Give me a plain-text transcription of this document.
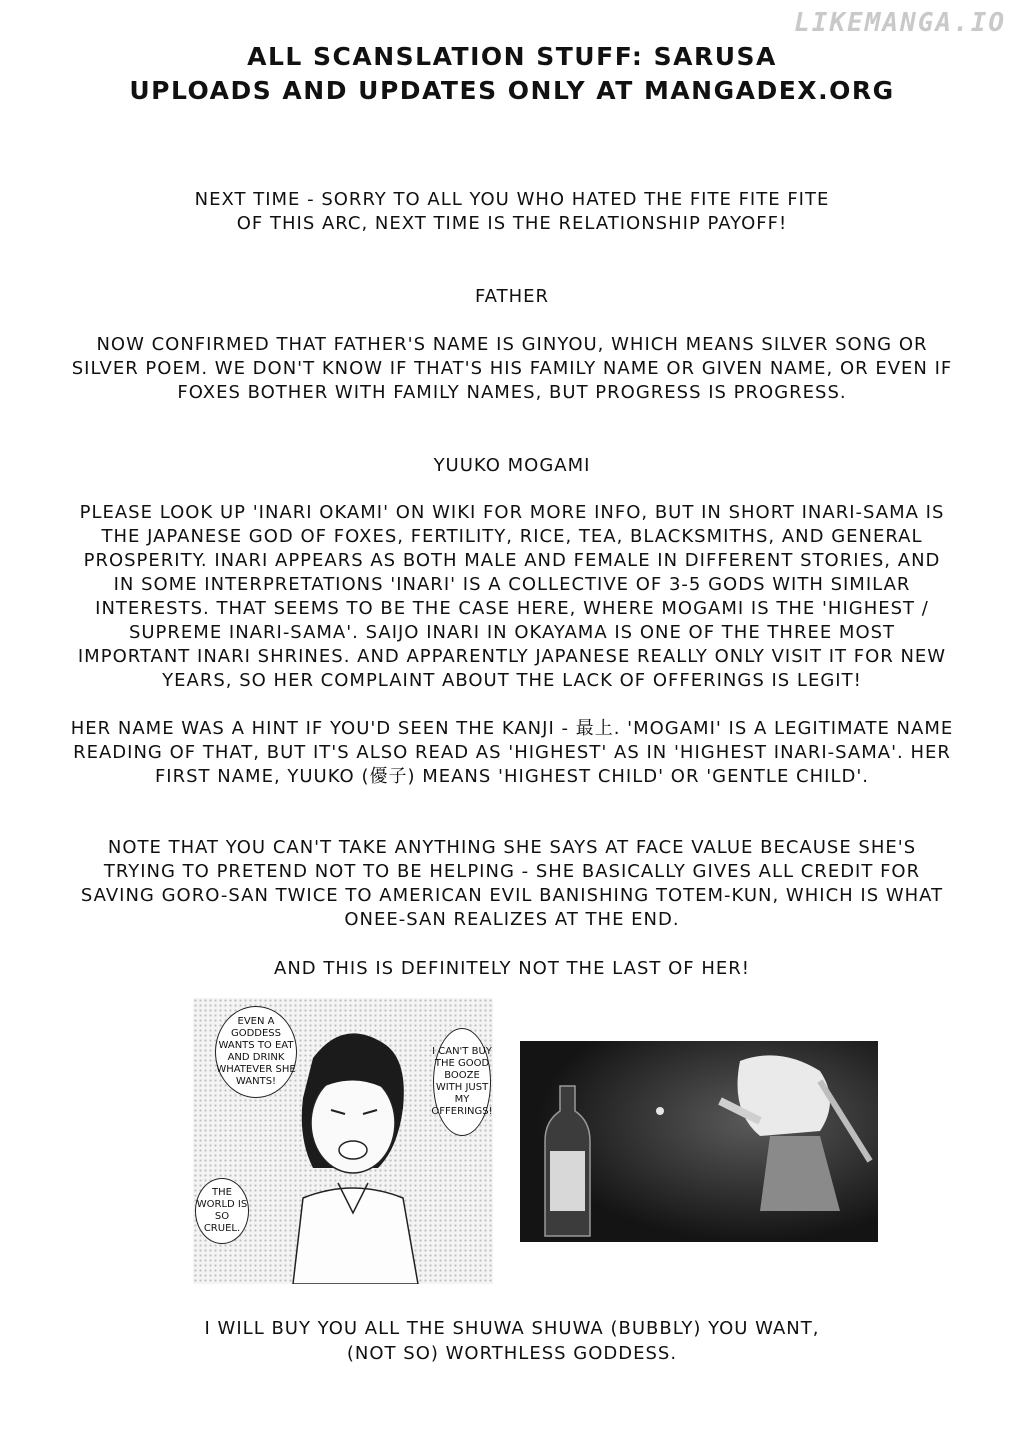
LIKEMANGA.IO
ALL SCANSLATION STUFF: SARUSA
UPLOADS AND UPDATES ONLY AT MANGADEX.ORG
NEXT TIME - SORRY TO ALL YOU WHO HATED THE FITE FITE FITE
OF THIS ARC, NEXT TIME IS THE RELATIONSHIP PAYOFF!
FATHER
NOW CONFIRMED THAT FATHER'S NAME IS GINYOU, WHICH MEANS SILVER SONG OR SILVER POEM. WE DON'T KNOW IF THAT'S HIS FAMILY NAME OR GIVEN NAME, OR EVEN IF FOXES BOTHER WITH FAMILY NAMES, BUT PROGRESS IS PROGRESS.
YUUKO MOGAMI
PLEASE LOOK UP 'INARI OKAMI' ON WIKI FOR MORE INFO, BUT IN SHORT INARI-SAMA IS THE JAPANESE GOD OF FOXES, FERTILITY, RICE, TEA, BLACKSMITHS, AND GENERAL PROSPERITY. INARI APPEARS AS BOTH MALE AND FEMALE IN DIFFERENT STORIES, AND IN SOME INTERPRETATIONS 'INARI' IS A COLLECTIVE OF 3-5 GODS WITH SIMILAR INTERESTS. THAT SEEMS TO BE THE CASE HERE, WHERE MOGAMI IS THE 'HIGHEST / SUPREME INARI-SAMA'. SAIJO INARI IN OKAYAMA IS ONE OF THE THREE MOST IMPORTANT INARI SHRINES. AND APPARENTLY JAPANESE REALLY ONLY VISIT IT FOR NEW YEARS, SO HER COMPLAINT ABOUT THE LACK OF OFFERINGS IS LEGIT!
HER NAME WAS A HINT IF YOU'D SEEN THE KANJI - 最上. 'MOGAMI' IS A LEGITIMATE NAME READING OF THAT, BUT IT'S ALSO READ AS 'HIGHEST' AS IN 'HIGHEST INARI-SAMA'. HER FIRST NAME, YUUKO (優子) MEANS 'HIGHEST CHILD' OR 'GENTLE CHILD'.
NOTE THAT YOU CAN'T TAKE ANYTHING SHE SAYS AT FACE VALUE BECAUSE SHE'S TRYING TO PRETEND NOT TO BE HELPING - SHE BASICALLY GIVES ALL CREDIT FOR SAVING GORO-SAN TWICE TO AMERICAN EVIL BANISHING TOTEM-KUN, WHICH IS WHAT ONEE-SAN REALIZES AT THE END.
AND THIS IS DEFINITELY NOT THE LAST OF HER!
EVEN A GODDESS WANTS TO EAT AND DRINK WHATEVER SHE WANTS!
I CAN'T BUY THE GOOD BOOZE WITH JUST MY OFFERINGS!
THE WORLD IS SO CRUEL.
I WILL BUY YOU ALL THE SHUWA SHUWA (BUBBLY) YOU WANT,
(NOT SO) WORTHLESS GODDESS.
